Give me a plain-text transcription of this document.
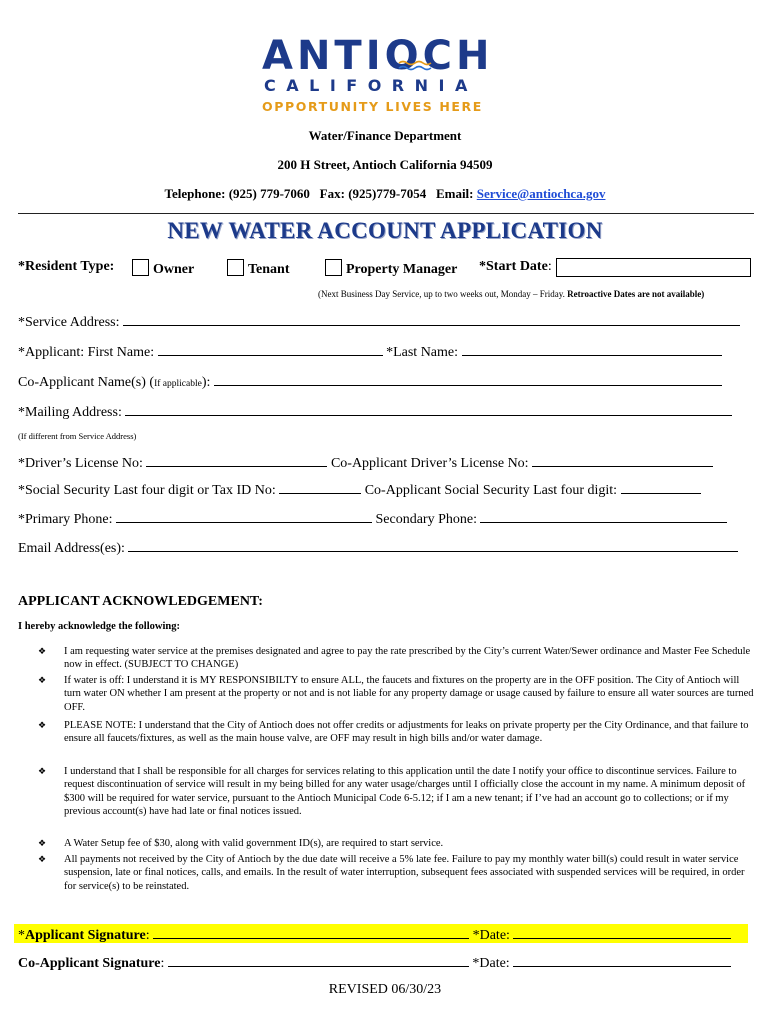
ANTIOCH
CALIFORNIA
OPPORTUNITY LIVES HERE
Water/Finance Department
200 H Street, Antioch California 94509
Telephone: (925) 779-7060   Fax: (925)779-7054   Email: Service@antiochca.gov
NEW WATER ACCOUNT APPLICATION
*Resident Type:	Owner	Tenant	Property Manager *Start Date:
(Next Business Day Service, up to two weeks out, Monday – Friday. Retroactive Dates are not available)
*Service Address:
*Applicant: First Name:	*Last Name:
Co-Applicant Name(s) (If applicable):
*Mailing Address:
(If different from Service Address)
*Driver’s License No:	Co-Applicant Driver’s License No:
*Social Security Last four digit or Tax ID No:	Co-Applicant Social Security Last four digit:
*Primary Phone:	Secondary Phone:
Email Address(es):
APPLICANT ACKNOWLEDGEMENT:
I hereby acknowledge the following:
❖ I am requesting water service at the premises designated and agree to pay the rate prescribed by the City’s current Water/Sewer ordinance and Master Fee Schedule now in effect. (SUBJECT TO CHANGE)
❖ If water is off: I understand it is MY RESPONSIBILTY to ensure ALL, the faucets and fixtures on the property are in the OFF position. The City of Antioch will turn water ON whether I am present at the property or not and is not liable for any property damage or usage caused by failure to ensure all water sources are turned OFF.
❖ PLEASE NOTE: I understand that the City of Antioch does not offer credits or adjustments for leaks on private property per the City Ordinance, and that failure to ensure all faucets/fixtures, as well as the main house valve, are OFF may result in high bills and/or water damage.
❖ I understand that I shall be responsible for all charges for services relating to this application until the date I notify your office to discontinue services. Failure to request discontinuation of service will result in my being billed for any water usage/charges until I officially close the account in my name. A minimum deposit of $300 will be required for water service, pursuant to the Antioch Municipal Code 6-5.12; if I am a new tenant; if I’ve had an account go to collections; or if my previous account(s) have had late or final notices issued.
❖ A Water Setup fee of $30, along with valid government ID(s), are required to start service.
❖ All payments not received by the City of Antioch by the due date will receive a 5% late fee. Failure to pay my monthly water bill(s) could result in water service suspension, late or final notices, calls, and emails. In the result of water interruption, subsequent fees associated with suspended services will be required, in order for service(s) to be reinstated.
*Applicant Signature:	*Date:
Co-Applicant Signature:	*Date:
REVISED 06/30/23
